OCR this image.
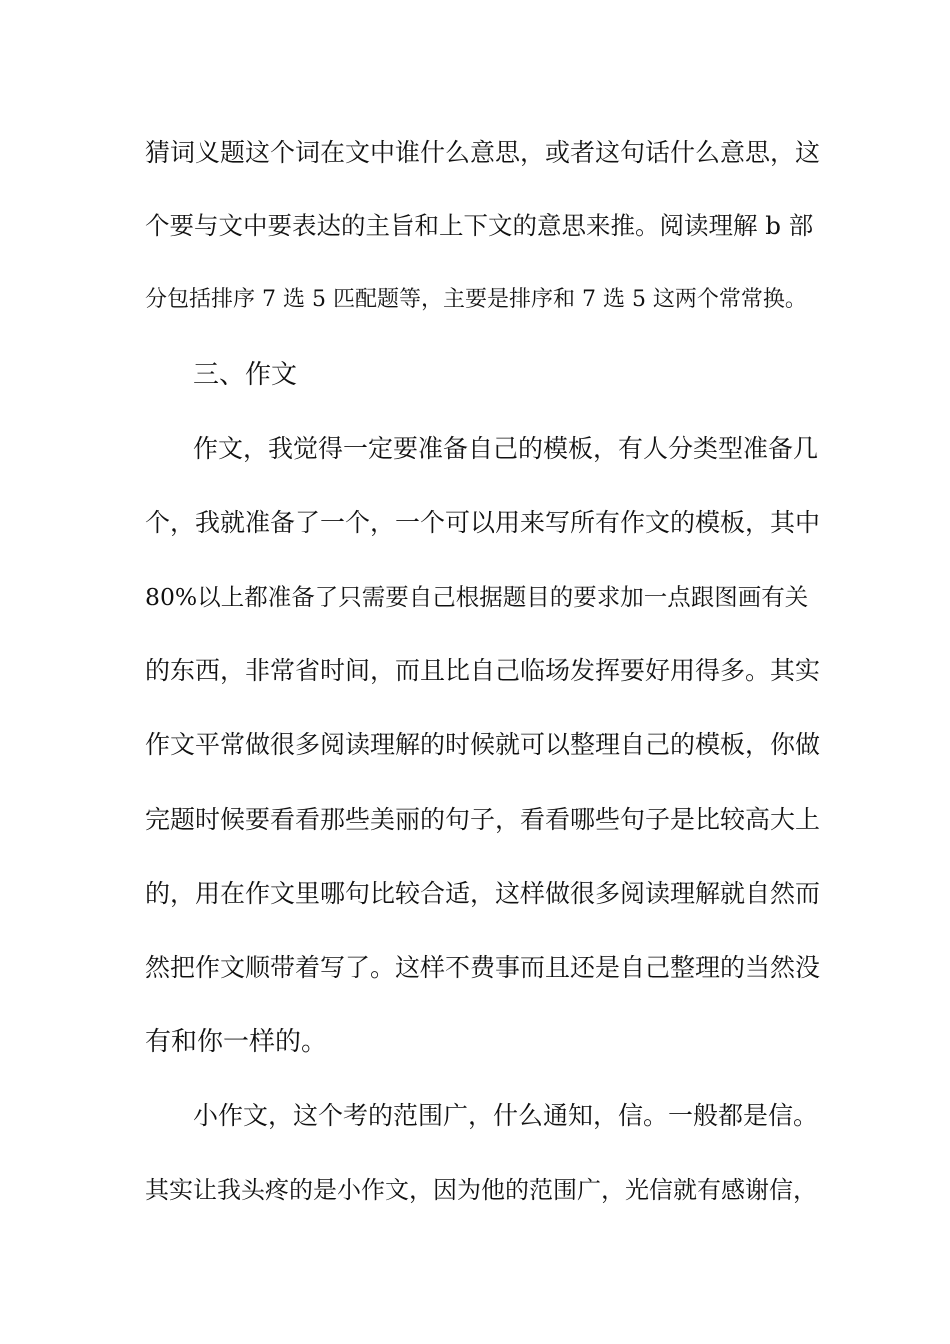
猜词义题这个词在文中谁什么意思，或者这句话什么意思，这
个要与文中要表达的主旨和上下文的意思来推。阅读理解 b 部
分包括排序 7 选 5 匹配题等，主要是排序和 7 选 5 这两个常常换。
三、作文
作文，我觉得一定要准备自己的模板，有人分类型准备几
个，我就准备了一个，一个可以用来写所有作文的模板，其中
80%以上都准备了只需要自己根据题目的要求加一点跟图画有关
的东西，非常省时间，而且比自己临场发挥要好用得多。其实
作文平常做很多阅读理解的时候就可以整理自己的模板，你做
完题时候要看看那些美丽的句子，看看哪些句子是比较高大上
的，用在作文里哪句比较合适，这样做很多阅读理解就自然而
然把作文顺带着写了。这样不费事而且还是自己整理的当然没
有和你一样的。
小作文，这个考的范围广，什么通知，信。一般都是信。
其实让我头疼的是小作文，因为他的范围广，光信就有感谢信，
